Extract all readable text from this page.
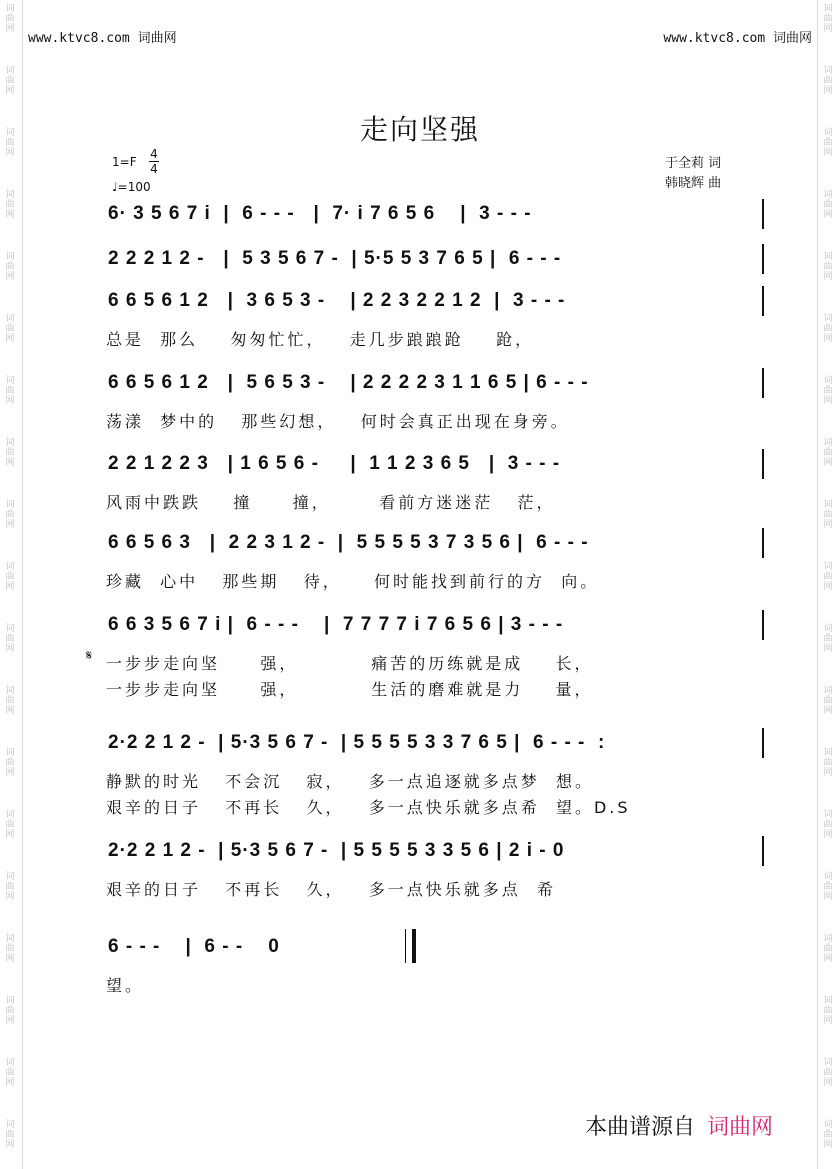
词
曲
网
词
曲
网
词
曲
网
词
曲
网
词
曲
网
词
曲
网
词
曲
网
词
曲
网
词
曲
网
词
曲
网
词
曲
网
词
曲
网
词
曲
网
词
曲
网
词
曲
网
词
曲
网
词
曲
网
词
曲
网
词
曲
网
词
曲
网
词
曲
网
词
曲
网
词
曲
网
词
曲
网
词
曲
网
词
曲
网
词
曲
网
词
曲
网
词
曲
网
词
曲
网
词
曲
网
词
曲
网
词
曲
网
词
曲
网
词
曲
网
词
曲
网
词
曲
网
词
曲
网
www.ktvc8.com 词曲网	www.ktvc8.com 词曲网
走向坚强
1=F
4
4
♩=100
于全莉 词
韩晓辉 曲
𝄋
6· 3 5 6 7 i  |  6 - - -   |  7· i 7 6 5 6    |  3 - - -
2 2 2 1 2 -   |  5 3 5 6 7 -  | 5·5 5 3 7 6 5 |  6 - - -
6 6 5 6 1 2   |  3 6 5 3 -    | 2 2 3 2 2 1 2  |  3 - - -
总是  那么    匆匆忙忙，   走几步踉踉跄    跄，
6 6 5 6 1 2   |  5 6 5 3 -    | 2 2 2 2 3 1 1 6 5 | 6 - - -
荡漾  梦中的   那些幻想，   何时会真正出现在身旁。
2 2 1 2 2 3   | 1 6 5 6 -     |  1 1 2 3 6 5   |  3 - - -
风雨中跌跌    撞     撞，      看前方迷迷茫   茫，
6 6 5 6 3   |  2 2 3 1 2 -  |  5 5 5 5 3 7 3 5 6 |  6 - - -
珍藏  心中   那些期   待，    何时能找到前行的方  向。
6 6 3 5 6 7 i |  6 - - -    |  7 7 7 7 i 7 6 5 6 | 3 - - -
一步步走向坚     强，         痛苦的历练就是成    长，
一步步走向坚     强，         生活的磨难就是力    量，
2·2 2 1 2 -  | 5·3 5 6 7 -  | 5 5 5 5 3 3 7 6 5 |  6 - - -  :
静默的时光   不会沉   寂，   多一点追逐就多点梦  想。
艰辛的日子   不再长   久，   多一点快乐就多点希  望。D.S
2·2 2 1 2 -  | 5·3 5 6 7 -  | 5 5 5 5 3 3 5 6 | 2 i - 0
艰辛的日子   不再长   久，   多一点快乐就多点  希
6 - - -    |  6 - -    0
望。
本曲谱源自 词曲网
